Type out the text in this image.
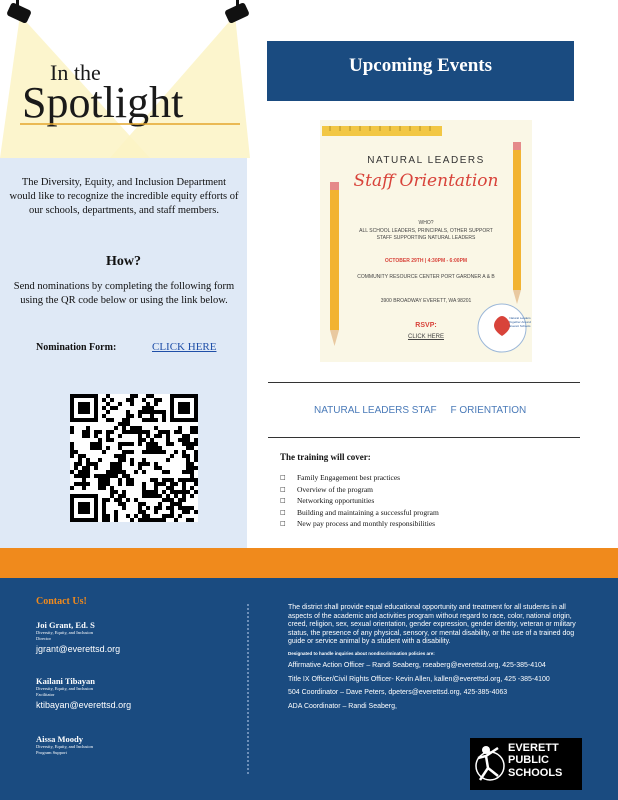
In the
Spotlight
The Diversity, Equity, and Inclusion Department would like to recognize the incredible equity efforts of our schools, departments, and staff members.
How?
Send nominations by completing the following form using the QR code below or using the link below.
Nomination Form:	CLICK HERE
Upcoming Events
NATURAL LEADERS
Staff Orientation
WHO?
ALL SCHOOL LEADERS, PRINCIPALS, OTHER SUPPORT STAFF SUPPORTING NATURAL LEADERS
OCTOBER 29TH | 4:30PM - 6:00PM
COMMUNITY RESOURCE CENTER PORT GARDNER A & B
3900 BROADWAY EVERETT, WA 98201
RSVP:
CLICK HERE
Natural Leaders Together Around Everett Schools
NATURAL LEADERS STAF     F ORIENTATION
The training will cover:
□ Family Engagement best practices
□ Overview of the program
□ Networking opportunities
□ Building and maintaining a successful program
□ New pay process and monthly responsibilities
Contact Us!
Joi Grant, Ed. S
Diversity, Equity, and Inclusion
Director
jgrant@everettsd.org
Kailani Tibayan
Diversity, Equity, and Inclusion
Facilitator
ktibayan@everettsd.org
Aissa Moody
Diversity, Equity, and Inclusion
Program Support
The district shall provide equal educational opportunity and treatment for all students in all aspects of the academic and activities program without regard to race, color, national origin, creed, religion, sex, sexual orientation, gender expression, gender identity, veteran or military status, the presence of any physical, sensory, or mental disability, or the use of a trained dog guide or service animal by a student with a disability.
Designated to handle inquiries about nondiscrimination policies are:
Affirmative Action Officer – Randi Seaberg, rseaberg@everettsd.org, 425-385-4104
Title IX Officer/Civil Rights Officer- Kevin Allen, kallen@everettsd.org, 425 -385-4100
504 Coordinator – Dave Peters, dpeters@everettsd.org, 425-385-4063
ADA Coordinator – Randi Seaberg,
EVERETT
PUBLIC
SCHOOLS
